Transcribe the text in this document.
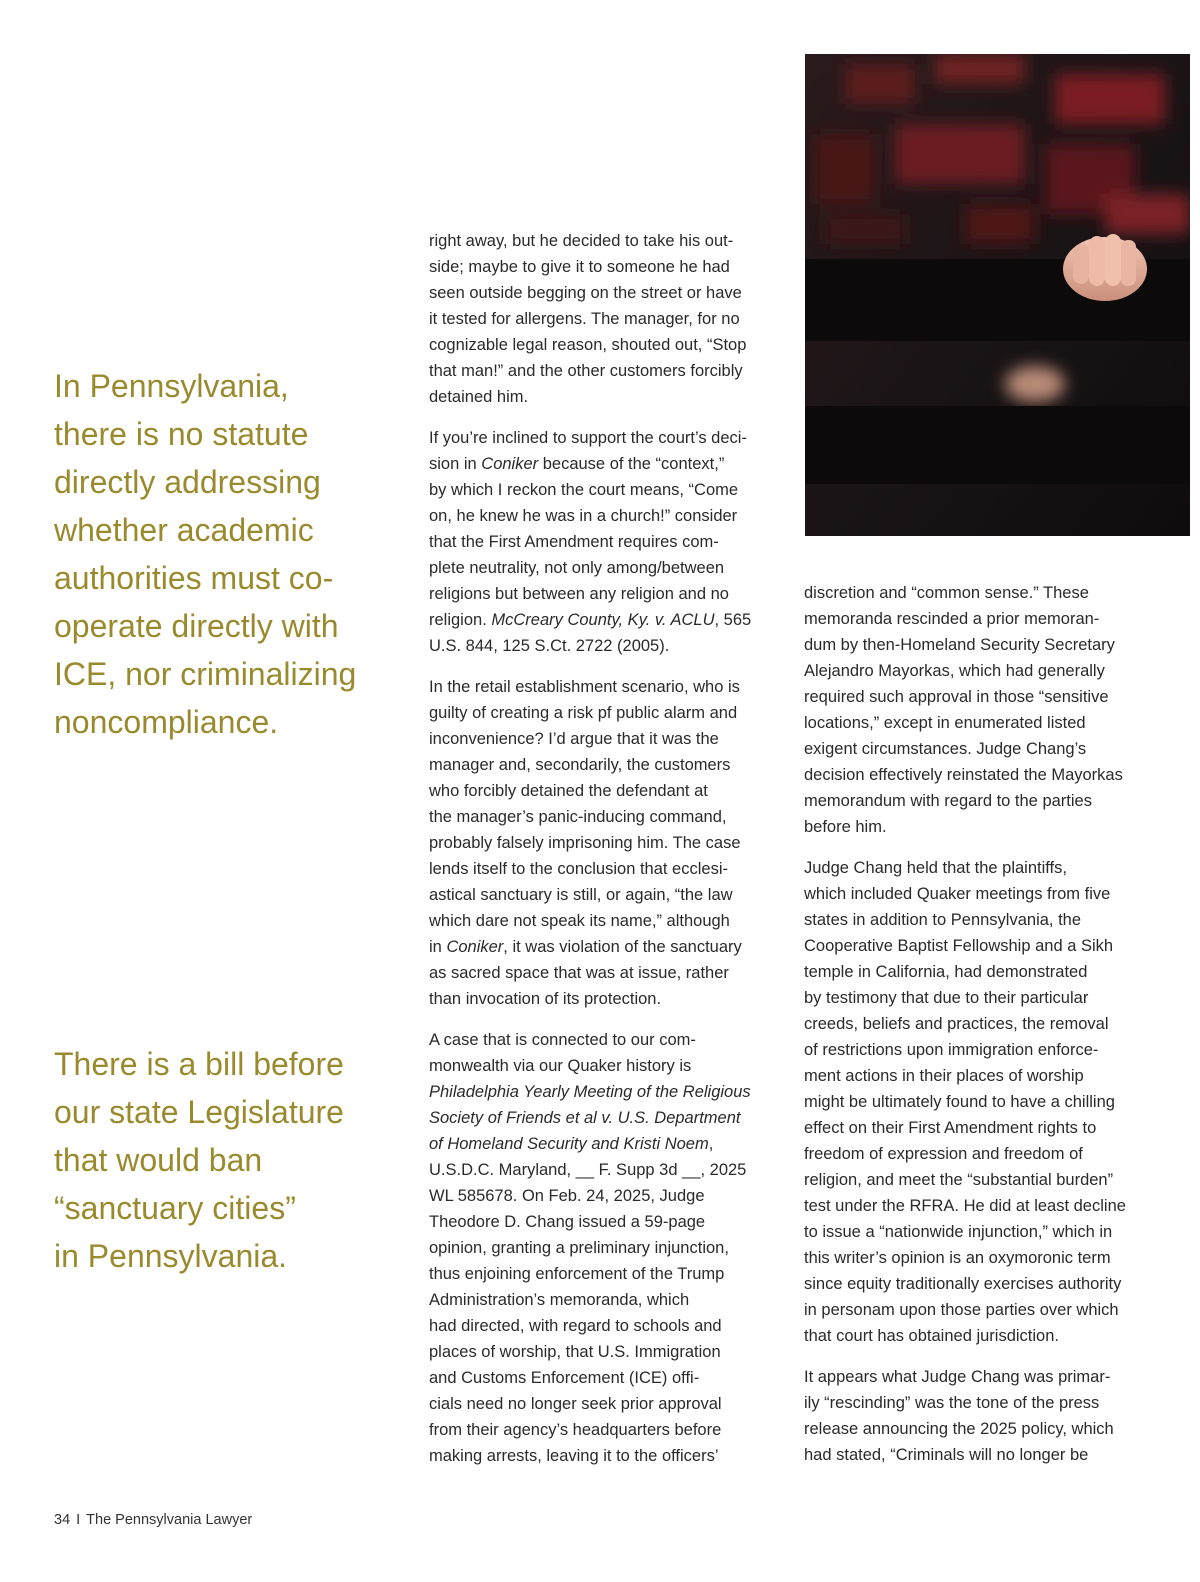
In Pennsylvania,
there is no statute
directly addressing
whether academic
authorities must co-
operate directly with
ICE, nor criminalizing
noncompliance.
There is a bill before
our state Legislature
that would ban
“sanctuary cities”
in Pennsylvania.

right away, but he decided to take his out-
side; maybe to give it to someone he had
seen outside begging on the street or have
it tested for allergens. The manager, for no
cognizable legal reason, shouted out, “Stop
that man!” and the other customers forcibly
detained him.

If you’re inclined to support the court’s deci-
sion in Coniker because of the “context,”
by which I reckon the court means, “Come
on, he knew he was in a church!” consider
that the First Amendment requires com-
plete neutrality, not only among/between
religions but between any religion and no
religion. McCreary County, Ky. v. ACLU, 565
U.S. 844, 125 S.Ct. 2722 (2005).

In the retail establishment scenario, who is
guilty of creating a risk pf public alarm and
inconvenience? I’d argue that it was the
manager and, secondarily, the customers
who forcibly detained the defendant at
the manager’s panic-inducing command,
probably falsely imprisoning him. The case
lends itself to the conclusion that ecclesi-
astical sanctuary is still, or again, “the law
which dare not speak its name,” although
in Coniker, it was violation of the sanctuary
as sacred space that was at issue, rather
than invocation of its protection.

A case that is connected to our com-
monwealth via our Quaker history is
Philadelphia Yearly Meeting of the Religious
Society of Friends et al v. U.S. Department
of Homeland Security and Kristi Noem,
U.S.D.C. Maryland, __ F. Supp 3d __, 2025
WL 585678. On Feb. 24, 2025, Judge
Theodore D. Chang issued a 59-page
opinion, granting a preliminary injunction,
thus enjoining enforcement of the Trump
Administration’s memoranda, which
had directed, with regard to schools and
places of worship, that U.S. Immigration
and Customs Enforcement (ICE) offi-
cials need no longer seek prior approval
from their agency’s headquarters before
making arrests, leaving it to the officers’

discretion and “common sense.” These
memoranda rescinded a prior memoran-
dum by then-Homeland Security Secretary
Alejandro Mayorkas, which had generally
required such approval in those “sensitive
locations,” except in enumerated listed
exigent circumstances. Judge Chang’s
decision effectively reinstated the Mayorkas
memorandum with regard to the parties
before him.

Judge Chang held that the plaintiffs,
which included Quaker meetings from five
states in addition to Pennsylvania, the
Cooperative Baptist Fellowship and a Sikh
temple in California, had demonstrated
by testimony that due to their particular
creeds, beliefs and practices, the removal
of restrictions upon immigration enforce-
ment actions in their places of worship
might be ultimately found to have a chilling
effect on their First Amendment rights to
freedom of expression and freedom of
religion, and meet the “substantial burden”
test under the RFRA. He did at least decline
to issue a “nationwide injunction,” which in
this writer’s opinion is an oxymoronic term
since equity traditionally exercises authority
in personam upon those parties over which
that court has obtained jurisdiction.

It appears what Judge Chang was primar-
ily “rescinding” was the tone of the press
release announcing the 2025 policy, which
had stated, “Criminals will no longer be

34 I The Pennsylvania Lawyer
